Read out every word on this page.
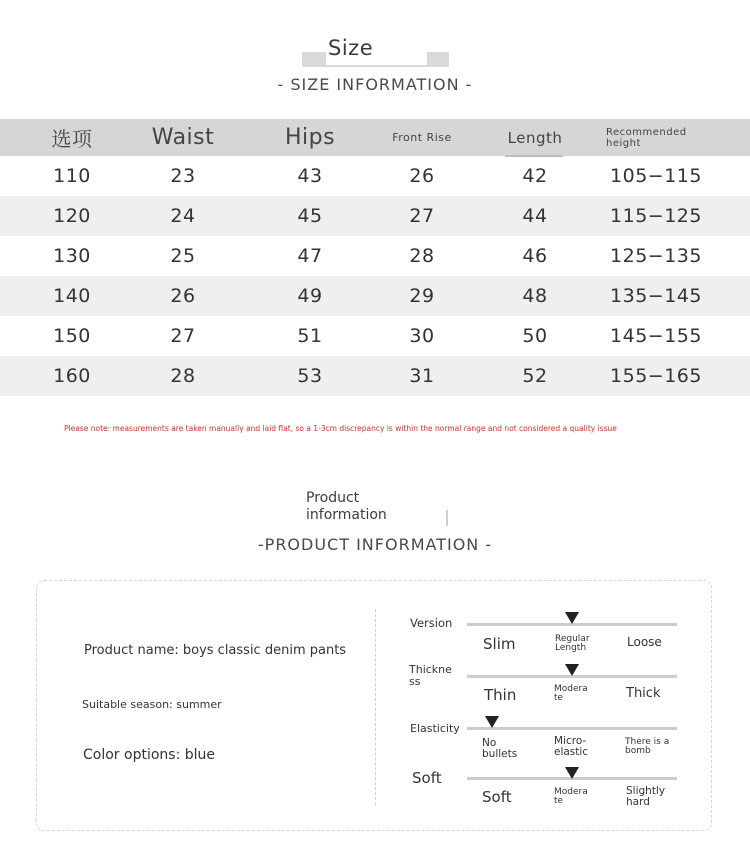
Size
- SIZE INFORMATION -
选项	Waist	Hips	Front Rise	Length	Recommended height
110	23	43	26	42	105−115
120	24	45	27	44	115−125
130	25	47	28	46	125−135
140	26	49	29	48	135−145
150	27	51	30	50	145−155
160	28	53	31	52	155−165
Please note: measurements are taken manually and laid flat, so a 1-3cm discrepancy is within the normal range and not considered a quality issue
Product information
-PRODUCT INFORMATION -
Product name: boys classic denim pants
Suitable season: summer
Color options: blue
Version
Slim	Regular Length	Loose
Thickness
Thin	Moderate	Thick
Elasticity
No bullets
Micro-elastic
There is a bomb
Soft
Soft	Moderate
Slightly hard
